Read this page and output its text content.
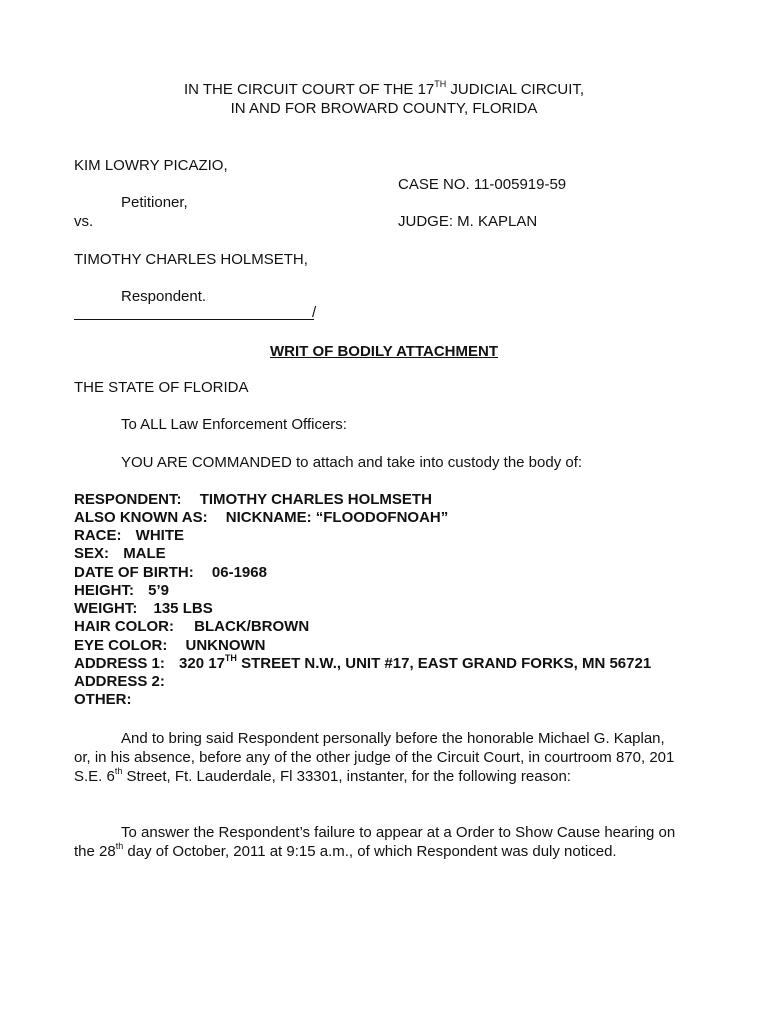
IN THE CIRCUIT COURT OF THE 17TH JUDICIAL CIRCUIT,
IN AND FOR BROWARD COUNTY, FLORIDA
KIM LOWRY PICAZIO,
CASE NO. 11-005919-59
Petitioner,
vs.	JUDGE: M. KAPLAN
TIMOTHY CHARLES HOLMSETH,
Respondent.
/
WRIT OF BODILY ATTACHMENT
THE STATE OF FLORIDA
To ALL Law Enforcement Officers:
YOU ARE COMMANDED to attach and take into custody the body of:
RESPONDENT: TIMOTHY CHARLES HOLMSETH
ALSO KNOWN AS: NICKNAME: “FLOODOFNOAH”
RACE: WHITE
SEX: MALE
DATE OF BIRTH: 06-1968
HEIGHT: 5’9
WEIGHT: 135 LBS
HAIR COLOR: BLACK/BROWN
EYE COLOR: UNKNOWN
ADDRESS 1: 320 17TH STREET N.W., UNIT #17, EAST GRAND FORKS, MN 56721
ADDRESS 2:
OTHER:
And to bring said Respondent personally before the honorable Michael G. Kaplan, or, in his absence, before any of the other judge of the Circuit Court, in courtroom 870, 201 S.E. 6th Street, Ft. Lauderdale, Fl 33301, instanter, for the following reason:
To answer the Respondent’s failure to appear at a Order to Show Cause hearing on the 28th day of October, 2011 at 9:15 a.m., of which Respondent was duly noticed.
